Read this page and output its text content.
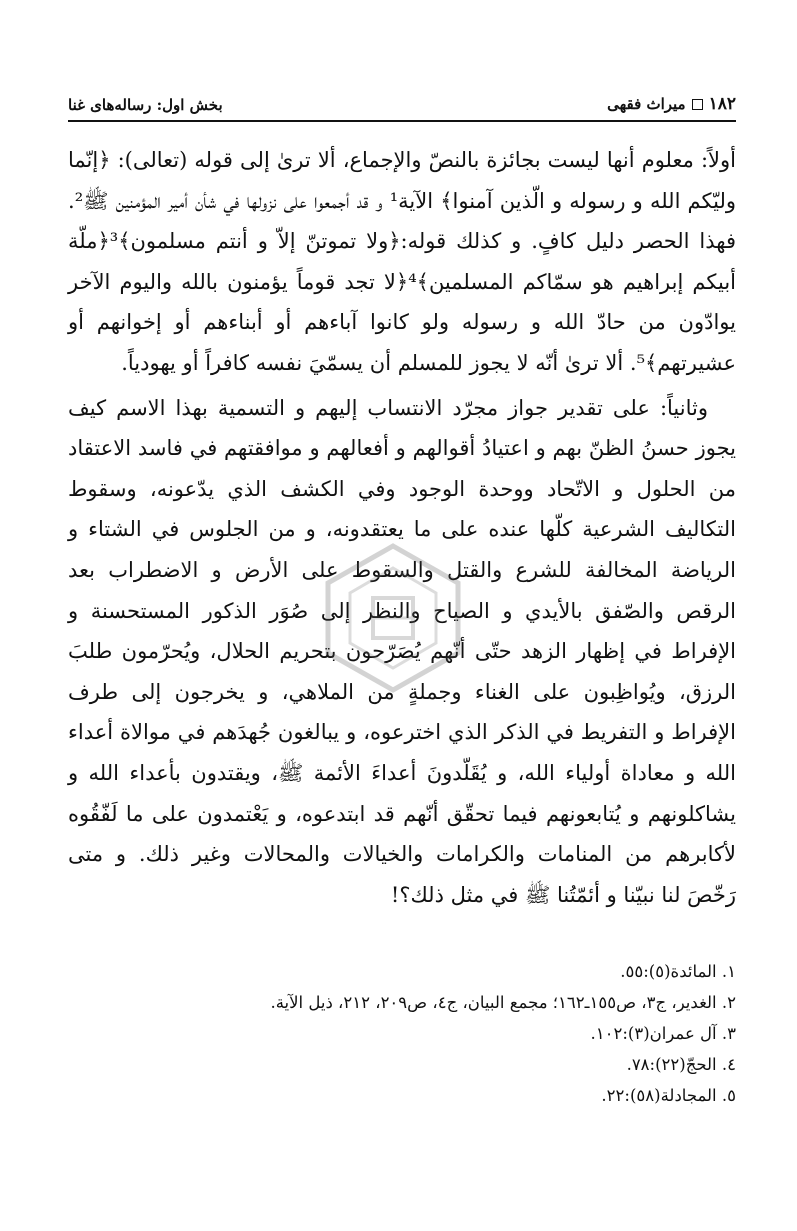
۱۸۲
میراث فقهی
بخش اول: رسالەهای غنا

أولاً: معلوم أنها ليست بجائزة بالنصّ والإجماع، ألا ترىٰ إلى قوله (تعالى): ﴿إنّما وليّكم الله و رسوله و الّذين آمنوا﴾ الآية¹ و قد أجمعوا على نزولها في شأن أمير المؤمنين ﷺ². فهذا الحصر دليل كافٍ. و كذلك قوله:﴿ولا تموتنّ إلاّ و أنتم مسلمون﴾³﴿ملّة أبيكم إبراهيم هو سمّاكم المسلمين﴾⁴﴿لا تجد قوماً يؤمنون بالله واليوم الآخر يوادّون من حادّ الله و رسوله ولو كانوا آباءهم أو أبناءهم أو إخوانهم أو عشيرتهم﴾⁵. ألا ترىٰ أنّه لا يجوز للمسلم أن يسمّيَ نفسه كافراً أو يهودياً.

وثانياً: على تقدير جواز مجرّد الانتساب إليهم و التسمية بهذا الاسم كيف يجوز حسنُ الظنّ بهم و اعتيادُ أقوالهم و أفعالهم و موافقتهم في فاسد الاعتقاد من الحلول و الاتّحاد ووحدة الوجود وفي الكشف الذي يدّعونه، وسقوط التكاليف الشرعية كلّها عنده على ما يعتقدونه، و من الجلوس في الشتاء و الرياضة المخالفة للشرع والقتل والسقوط على الأرض و الاضطراب بعد الرقص والصّفق بالأيدي و الصياح والنظر إلى صُوَر الذكور المستحسنة و الإفراط في إظهار الزهد حتّى أنّهم يُصَرّحون بتحريم الحلال، ويُحرّمون طلبَ الرزق، ويُواظِبون على الغناء وجملةٍ من الملاهي، و يخرجون إلى طرف الإفراط و التفريط في الذكر الذي اخترعوه، و يبالغون جُهدَهم في موالاة أعداء الله و معاداة أولياء الله، و يُقَلّدونَ أعداءَ الأئمة ﷺ، ويقتدون بأعداء الله و يشاكلونهم و يُتابعونهم فيما تحقّق أنّهم قد ابتدعوه، و يَعْتمدون على ما لَفّقُوه لأكابرهم من المنامات والكرامات والخيالات والمحالات وغير ذلك. و متى رَخّصَ لنا نبيّنا و أئمّتُنا ﷺ في مثل ذلك؟!

١. المائدة(٥):٥٥.

٢. الغدير، ج٣، ص١٥٥ـ١٦٢؛ مجمع البيان، ج٤، ص٢٠٩، ٢١٢، ذيل الآية.

٣. آل عمران(٣):١٠٢.

٤. الحجّ(٢٢):٧٨.

٥. المجادلة(٥٨):٢٢.
